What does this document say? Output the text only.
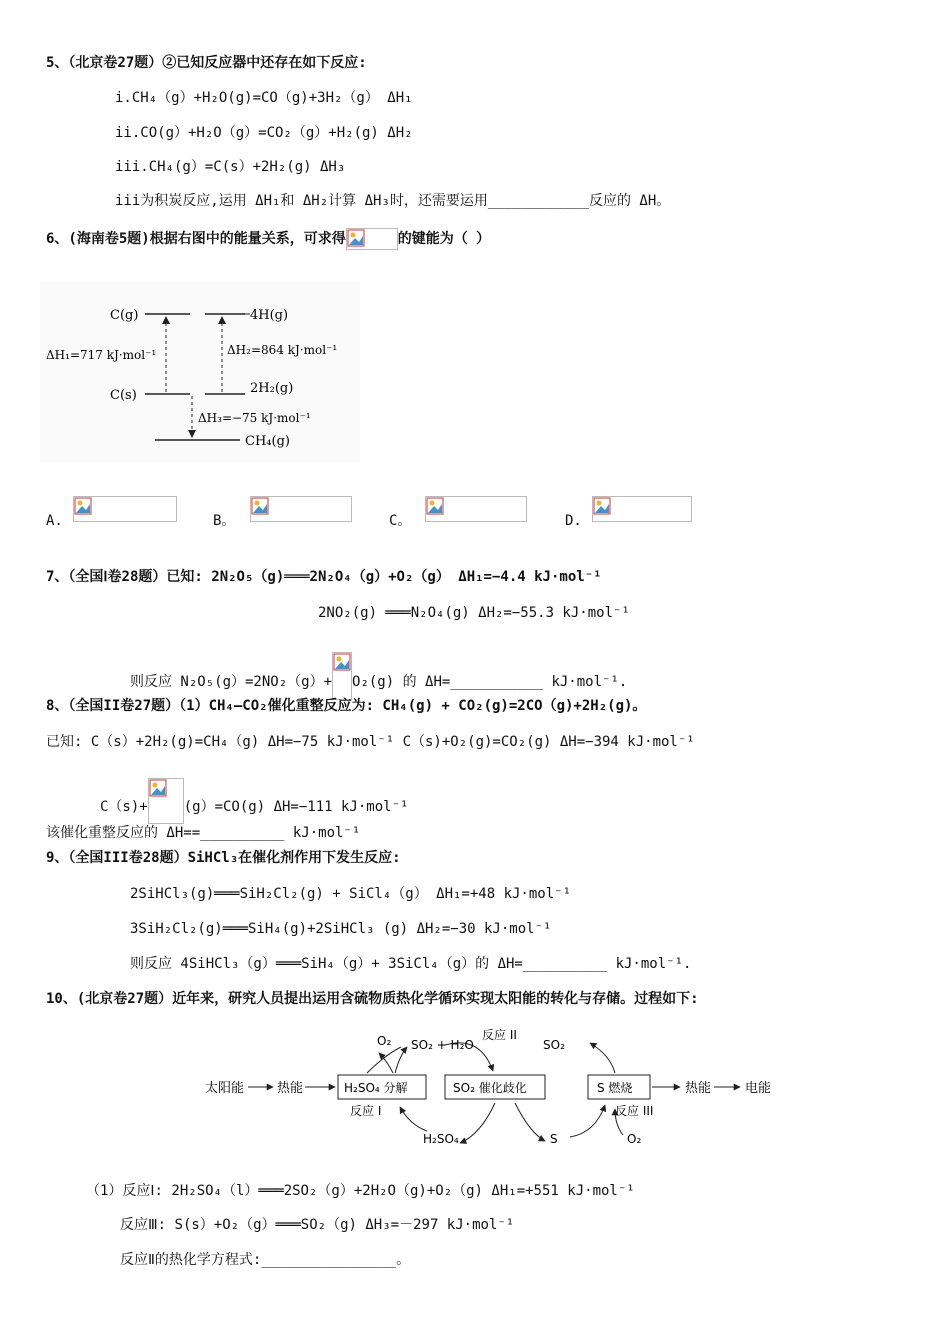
5、（北京卷27题）②已知反应器中还存在如下反应:
i.CH₄（g）+H₂O(g)=CO（g)+3H₂（g） ΔH₁
ii.CO(g）+H₂O（g）=CO₂（g）+H₂(g) ΔH₂
iii.CH₄(g）=C(s）+2H₂(g) ΔH₃
iii为积炭反应,运用 ΔH₁和 ΔH₂计算 ΔH₃时，还需要运用____________反应的 ΔH。
6、(海南卷5题)根据右图中的能量关系，可求得	的键能为（ ）
C(g)	4H(g)
ΔH₁=717 kJ·mol⁻¹	ΔH₂=864 kJ·mol⁻¹
C(s)	2H₂(g)
ΔH₃=−75 kJ·mol⁻¹
CH₄(g)
A.	B。	C。	D.
7、（全国Ⅰ卷28题）已知: 2N₂O₅（g)═══2N₂O₄（g）+O₂（g） ΔH₁=−4.4 kJ·mol⁻¹
2NO₂(g) ═══N₂O₄(g) ΔH₂=−55.3 kJ·mol⁻¹
则反应 N₂O₅(g）=2NO₂（g）+ O₂(g) 的 ΔH=___________ kJ·mol⁻¹.
8、（全国II卷27题）（1）CH₄—CO₂催化重整反应为: CH₄(g) + CO₂(g)=2CO（g)+2H₂(g)。
已知: C（s）+2H₂(g)=CH₄（g) ΔH=−75 kJ·mol⁻¹ C（s)+O₂(g)=CO₂(g) ΔH=−394 kJ·mol⁻¹
C（s)+	(g）=CO(g) ΔH=−111 kJ·mol⁻¹
该催化重整反应的 ΔH==__________ kJ·mol⁻¹
9、（全国III卷28题）SiHCl₃在催化剂作用下发生反应:
2SiHCl₃(g)═══SiH₂Cl₂(g) + SiCl₄（g） ΔH₁=+48 kJ·mol⁻¹
3SiH₂Cl₂(g)═══SiH₄(g)+2SiHCl₃ (g) ΔH₂=−30 kJ·mol⁻¹
则反应 4SiHCl₃（g）═══SiH₄（g）+ 3SiCl₄（g）的 ΔH=__________ kJ·mol⁻¹.
10、(北京卷27题）近年来，研究人员提出运用含硫物质热化学循环实现太阳能的转化与存储。过程如下:
太阳能	热能	H₂SO₄ 分解	SO₂ 催化歧化	S 燃烧	热能	电能
O₂ SO₂ + H₂O
反应 II
SO₂
反应 I
H₂SO₄	S
反应 III
O₂
（1）反应Ⅰ: 2H₂SO₄（l）═══2SO₂（g）+2H₂O（g)+O₂（g) ΔH₁=+551 kJ·mol⁻¹
反应Ⅲ: S(s）+O₂（g）═══SO₂（g) ΔH₃=－297 kJ·mol⁻¹
反应Ⅱ的热化学方程式:________________。
